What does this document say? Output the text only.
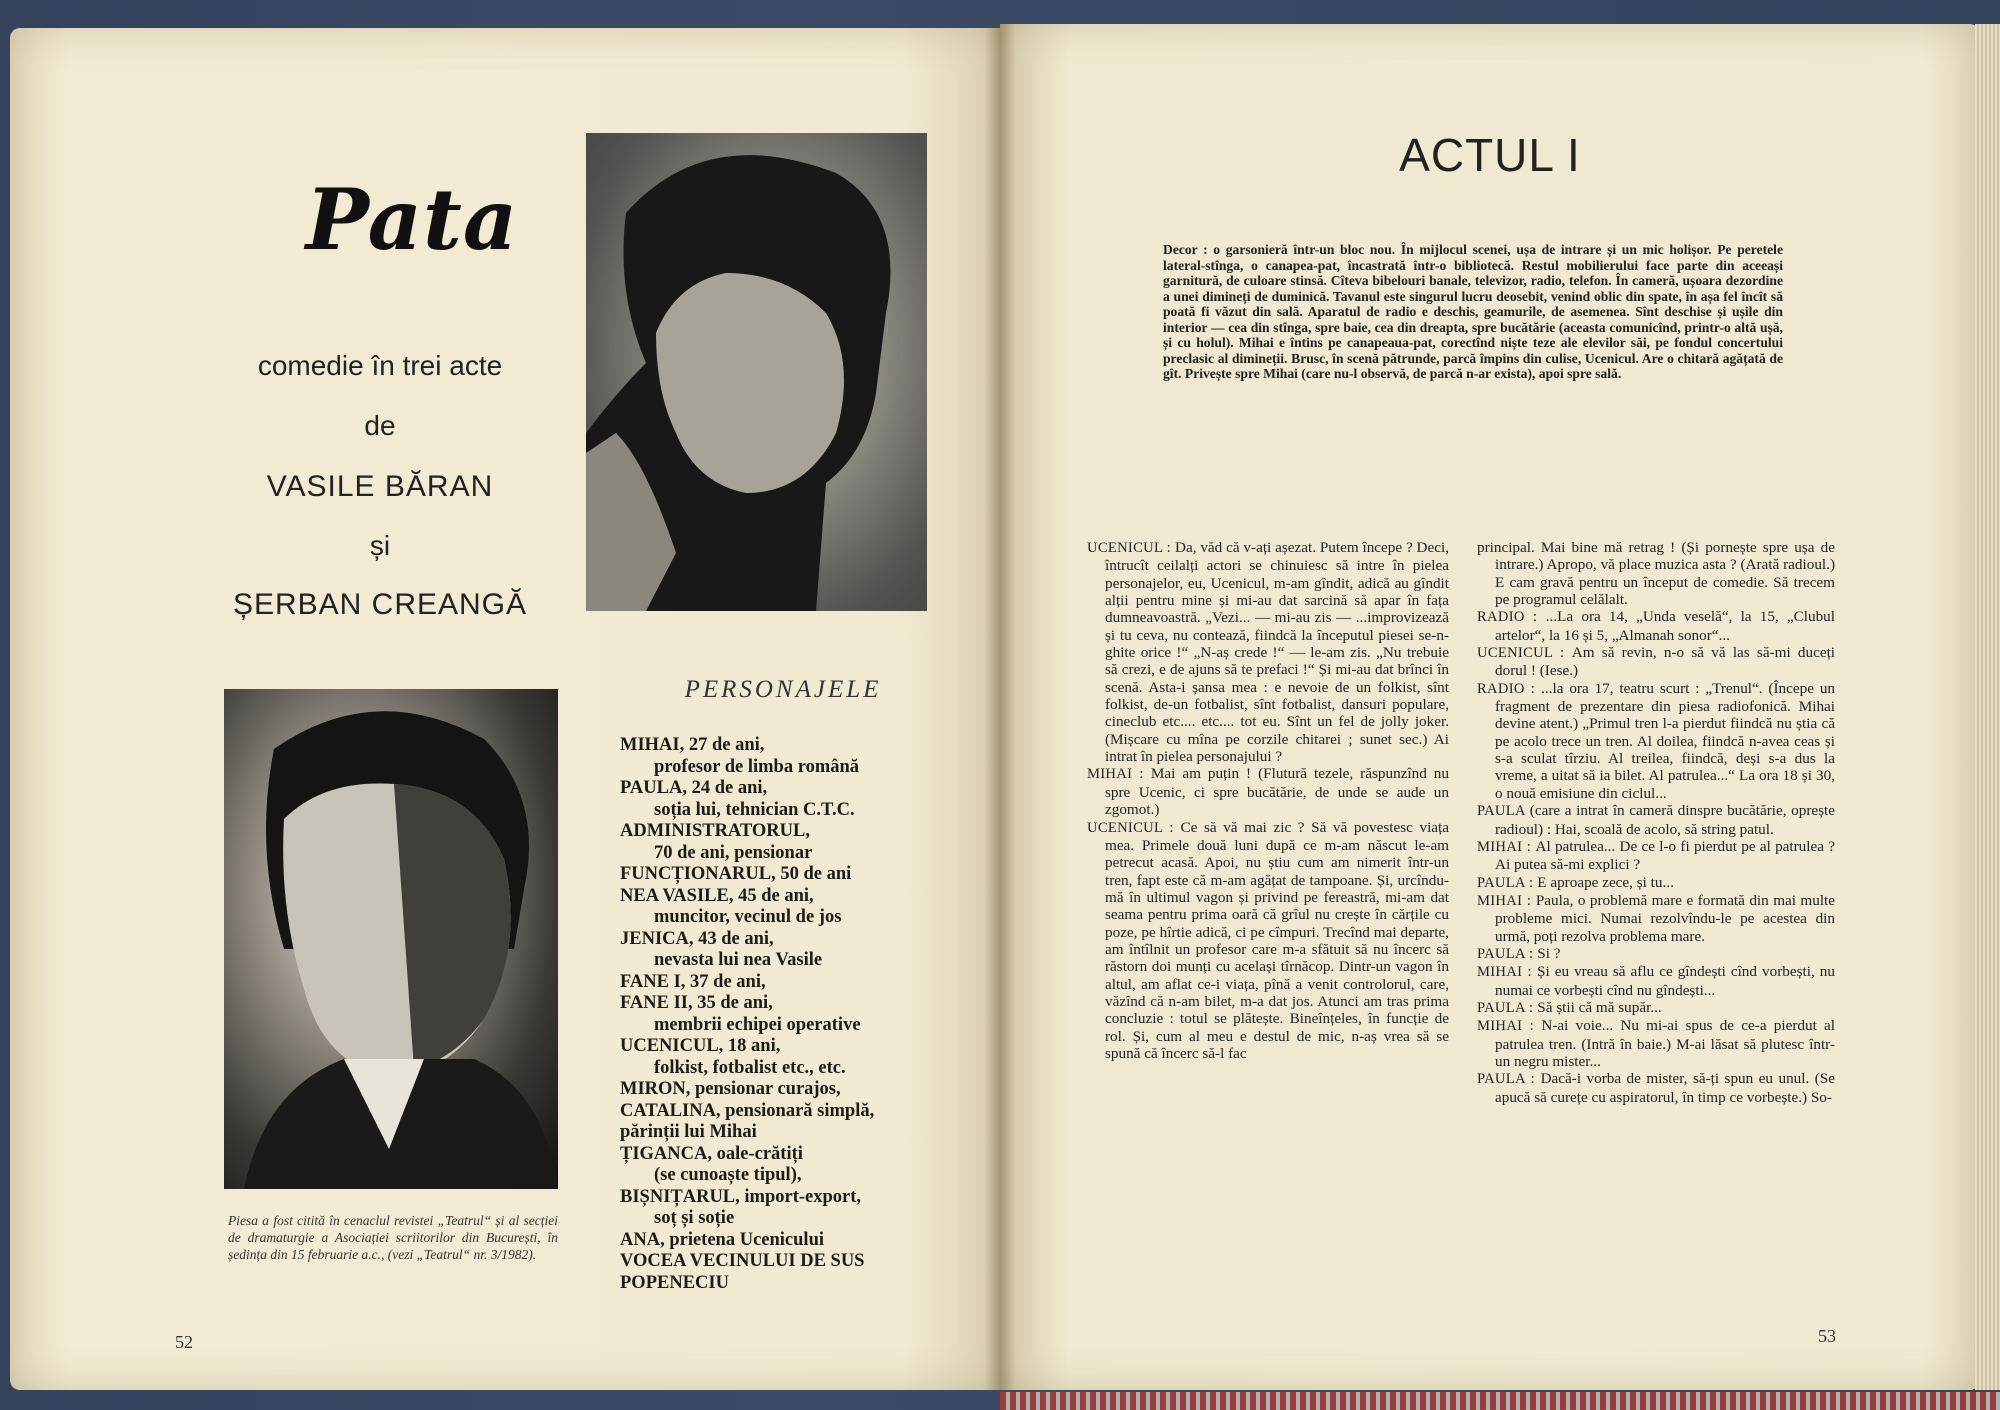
Pata
comedie în trei acte
de
VASILE BĂRAN
și
ȘERBAN CREANGĂ
Piesa a fost citită în cenaclul revistei „Teatrul“ și al secției de dramaturgie a Asociației scriitorilor din București, în ședința din 15 februarie a.c., (vezi „Teatrul“ nr. 3/1982).
PERSONAJELE
MIHAI, 27 de ani,
profesor de limba română
PAULA, 24 de ani,
soția lui, tehnician C.T.C.
ADMINISTRATORUL,
70 de ani, pensionar
FUNCȚIONARUL, 50 de ani
NEA VASILE, 45 de ani,
muncitor, vecinul de jos
JENICA, 43 de ani,
nevasta lui nea Vasile
FANE I, 37 de ani,
FANE II, 35 de ani,
membrii echipei operative
UCENICUL, 18 ani,
folkist, fotbalist etc., etc.
MIRON, pensionar curajos,
CATALINA, pensionară simplă,
părinții lui Mihai
ȚIGANCA, oale-crătiți
(se cunoaște tipul),
BIȘNIȚARUL, import-export,
soț și soție
ANA, prietena Ucenicului
VOCEA VECINULUI DE SUS
POPENECIU
52
ACTUL I

Decor : o garsonieră într-un bloc nou. În mijlocul scenei, ușa de intrare și un mic holișor. Pe peretele lateral-stînga, o canapea-pat, încastrată într-o bibliotecă. Restul mobilierului face parte din aceeași garnitură, de culoare stinsă. Cîteva bibelouri banale, televizor, radio, telefon. În cameră, ușoara dezordine a unei dimineți de duminică. Tavanul este singurul lucru deosebit, venind oblic din spate, în așa fel încît să poată fi văzut din sală. Aparatul de radio e deschis, geamurile, de asemenea. Sînt deschise și ușile din interior — cea din stînga, spre baie, cea din dreapta, spre bucătărie (aceasta comunicînd, printr-o altă ușă, și cu holul). Mihai e întins pe canapeaua-pat, corectînd niște teze ale elevilor săi, pe fondul concertului preclasic al dimineții. Brusc, în scenă pătrunde, parcă împins din culise, Ucenicul. Are o chitară agățată de gît. Privește spre Mihai (care nu-l observă, de parcă n-ar exista), apoi spre sală.

UCENICUL : Da, văd că v-ați așezat. Putem începe ? Deci, întrucît ceilalți actori se chinuiesc să intre în pielea personajelor, eu, Ucenicul, m-am gîndit, adică au gîndit alții pentru mine și mi-au dat sarcină să apar în fața dumneavoastră. „Vezi... — mi-au zis — ...improvizează și tu ceva, nu contează, fiindcă la începutul piesei se-n-ghite orice !“ „N-aș crede !“ — le-am zis. „Nu trebuie să crezi, e de ajuns să te prefaci !“ Și mi-au dat brînci în scenă. Asta-i șansa mea : e nevoie de un folkist, sînt folkist, de-un fotbalist, sînt fotbalist, dansuri populare, cineclub etc.... etc.... tot eu. Sînt un fel de jolly joker. (Mișcare cu mîna pe corzile chitarei ; sunet sec.) Ai intrat în pielea personajului ?

MIHAI : Mai am puțin ! (Flutură tezele, răspunzînd nu spre Ucenic, ci spre bucătărie, de unde se aude un zgomot.)

UCENICUL : Ce să vă mai zic ? Să vă povestesc viața mea. Primele două luni după ce m-am născut le-am petrecut acasă. Apoi, nu știu cum am nimerit într-un tren, fapt este că m-am agățat de tampoane. Și, urcîndu-mă în ultimul vagon și privind pe fereastră, mi-am dat seama pentru prima oară că grîul nu crește în cărțile cu poze, pe hîrtie adică, ci pe cîmpuri. Trecînd mai departe, am întîlnit un profesor care m-a sfătuit să nu încerc să răstorn doi munți cu același tîrnăcop. Dintr-un vagon în altul, am aflat ce-i viața, pînă a venit controlorul, care, văzînd că n-am bilet, m-a dat jos. Atunci am tras prima concluzie : totul se plătește. Bineînțeles, în funcție de rol. Și, cum al meu e destul de mic, n-aș vrea să se spună că încerc să-l fac

principal. Mai bine mă retrag ! (Și pornește spre ușa de intrare.) Apropo, vă place muzica asta ? (Arată radioul.) E cam gravă pentru un început de comedie. Să trecem pe programul celălalt.

RADIO : ...La ora 14, „Unda veselă“, la 15, „Clubul artelor“, la 16 și 5, „Almanah sonor“...

UCENICUL : Am să revin, n-o să vă las să-mi duceți dorul ! (Iese.)

RADIO : ...la ora 17, teatru scurt : „Trenul“. (Începe un fragment de prezentare din piesa radiofonică. Mihai devine atent.) „Primul tren l-a pierdut fiindcă nu știa că pe acolo trece un tren. Al doilea, fiindcă n-avea ceas și s-a sculat tîrziu. Al treilea, fiindcă, deși s-a dus la vreme, a uitat să ia bilet. Al patrulea...“ La ora 18 și 30, o nouă emisiune din ciclul...

PAULA (care a intrat în cameră dinspre bucătărie, oprește radioul) : Hai, scoală de acolo, să string patul.

MIHAI : Al patrulea... De ce l-o fi pierdut pe al patrulea ? Ai putea să-mi explici ?

PAULA : E aproape zece, și tu...

MIHAI : Paula, o problemă mare e formată din mai multe probleme mici. Numai rezolvîndu-le pe acestea din urmă, poți rezolva problema mare.

PAULA : Si ?

MIHAI : Și eu vreau să aflu ce gîndești cînd vorbești, nu numai ce vorbești cînd nu gîndești...

PAULA : Să știi că mă supăr...

MIHAI : N-ai voie... Nu mi-ai spus de ce-a pierdut al patrulea tren. (Intră în baie.) M-ai lăsat să plutesc într-un negru mister...

PAULA : Dacă-i vorba de mister, să-ți spun eu unul. (Se apucă să curețe cu aspiratorul, în timp ce vorbește.) So-

53
